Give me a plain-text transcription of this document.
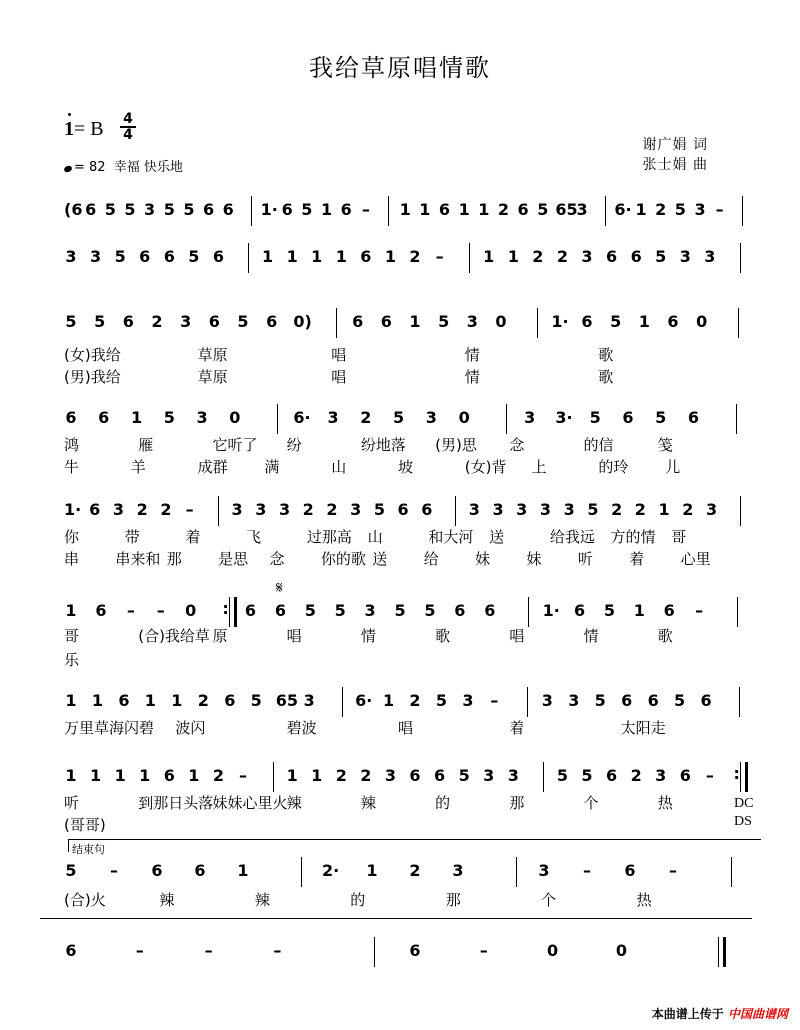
我给草原唱情歌
1= B 4
4
= 82 幸福 快乐地
谢广娟 词
张士娟 曲
(6 6 5 5 3 5 5 6 6 1· 6 5 1 6 – 1 1 6 1 1 2 6 5 65
3 6· 1 2 5 3 –
3 3 5 6 6 5 6 1 1 1 1 6 1 2 – 1 1 2 2 3 6 6 5 3 3
5 5 6 2 3 6 5 6 0)	6 6 1 5 3 0	1· 6 5 1 6 0
(女)我给	草原	唱	情	歌
(男)我给	草原	唱	情	歌
6 6 1 5 3 0	6· 3 2 5 3 0	3 3· 5 6 5 6
鸿	雁	它听了 纷	纷地落 (男)思 念	的信	笺
牛	羊	成群 满	山	坡	(女)背 上	的玲 儿
1· 6 3 2 2 – 3 3 3 2 2 3 5 6 6 3 3 3 3 3 5 2 2 1 2 3
你	带	着	飞	过那高 山	和大河 送	给我远 方的情 哥
串 串来和 那 是思 念 你的歌 送 给 妹 妹 听 着 心里
1 6 – – 0 : 6 6 5 5 3 5 5 6 6	1· 6 5 1 6 –
哥	(合)我给草 原	唱	情	歌	唱	情	歌
乐
1 1 6 1 1 2 6 5 65 3	6· 1 2 5 3 –	3 3 5 6 6 5 6
万里草海闪碧 波闪	碧波	唱	着	太阳走
1 1 1 1 6 1 2 – 1 1 2 2 3 6 6 5 3 3 5 5 6 2 3 6 – :
听	到那日头落 妹妹心里火 辣	辣	的	那	个	热
(哥哥)
DC
DS
5 – 6 6 1	2· 1 2 3	3 – 6 –
(合)火	辣	辣	的	那	个	热
6	–	–	–	6	–	0	0
𝄋
结束句
本曲谱上传于 中国曲谱网
